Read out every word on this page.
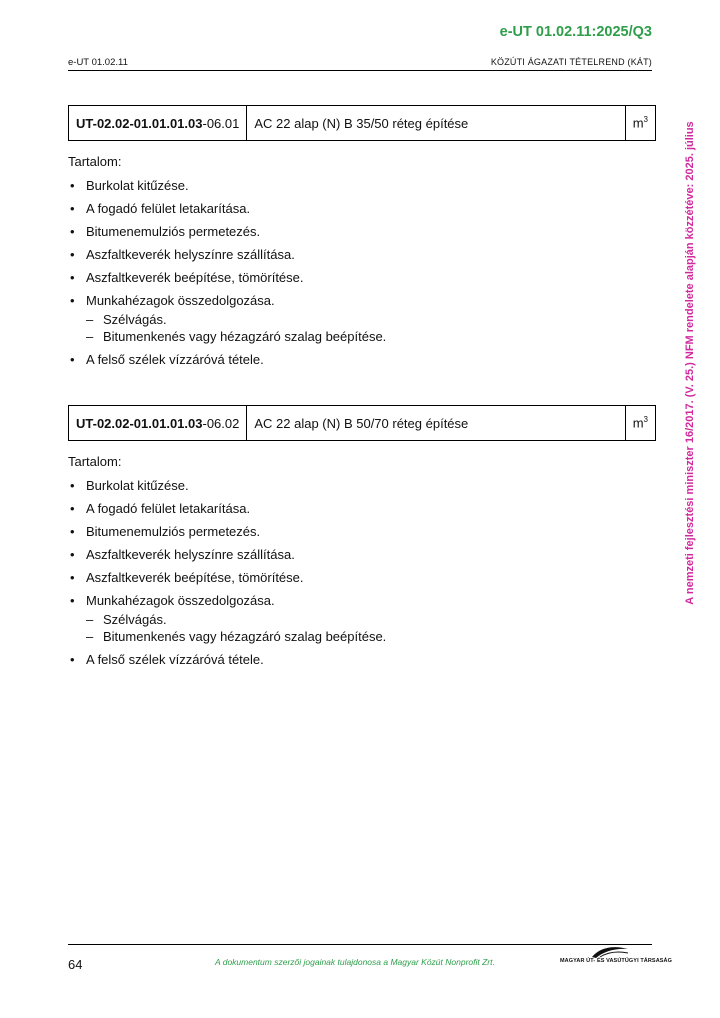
e-UT 01.02.11:2025/Q3
e-UT 01.02.11	KÖZÚTI ÁGAZATI TÉTELREND (KÁT)
A nemzeti fejlesztési miniszter 16/2017. (V. 25.) NFM rendelete alapján közzétéve: 2025. július
UT-02.02-01.01.01.03-06.01	AC 22 alap (N) B 35/50 réteg építése	$m^3$

Tartalom:

• Burkolat kitűzése.
• A fogadó felület letakarítása.
• Bitumenemulziós permetezés.
• Aszfaltkeverék helyszínre szállítása.
• Aszfaltkeverék beépítése, tömörítése.
• Munkahézagok összedolgozása.
– Szélvágás.
– Bitumenkenés vagy hézagzáró szalag beépítése.
• A felső szélek vízzáróvá tétele.
UT-02.02-01.01.01.03-06.02	AC 22 alap (N) B 50/70 réteg építése	$m^3$

Tartalom:

• Burkolat kitűzése.
• A fogadó felület letakarítása.
• Bitumenemulziós permetezés.
• Aszfaltkeverék helyszínre szállítása.
• Aszfaltkeverék beépítése, tömörítése.
• Munkahézagok összedolgozása.
– Szélvágás.
– Bitumenkenés vagy hézagzáró szalag beépítése.
• A felső szélek vízzáróvá tétele.
64	A dokumentum szerzői jogainak tulajdonosa a Magyar Közút Nonprofit Zrt.	MAGYAR ÚT- ÉS VASÚTÜGYI TÁRSASÁG
